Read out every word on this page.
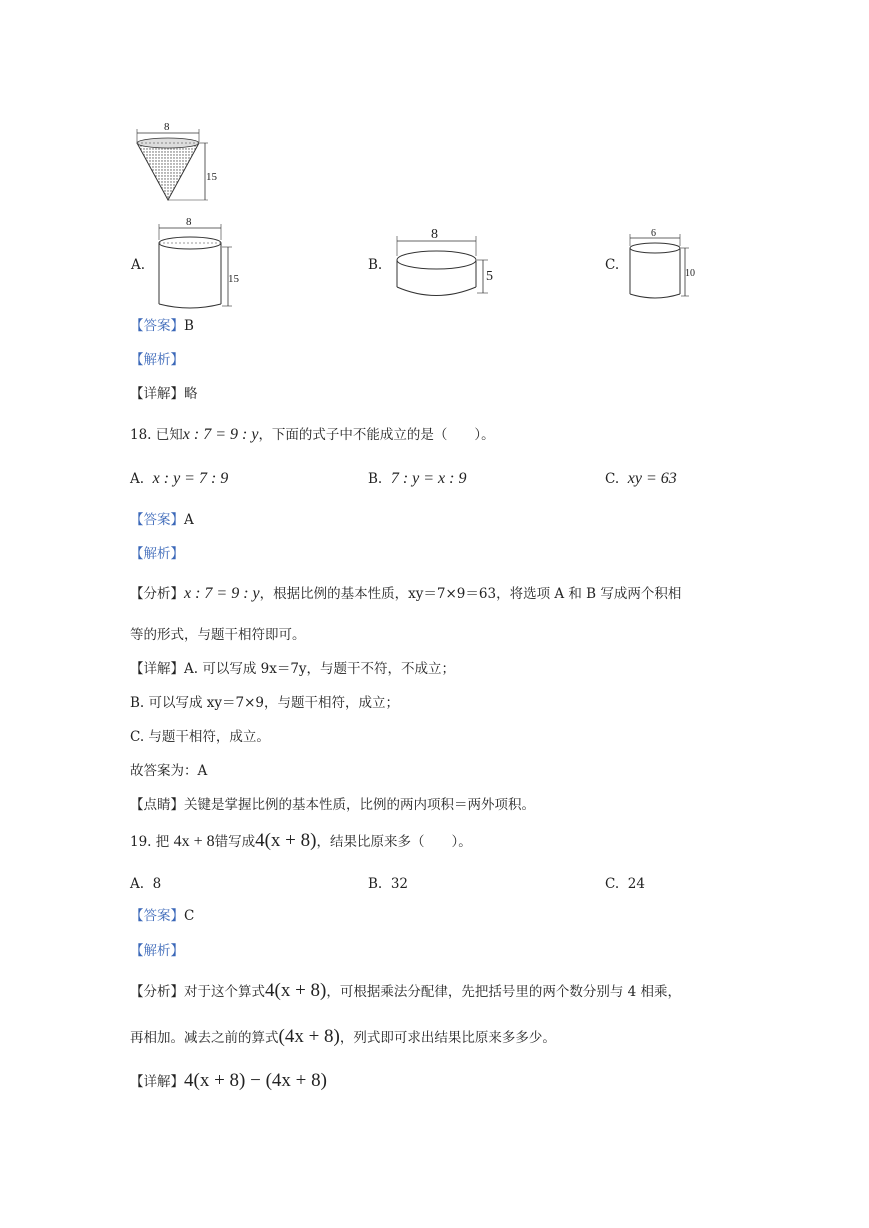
8
15
A.
8
15
B.
8
5
C.
6
10
【答案】B
【解析】
【详解】略
18. 已知x : 7 = 9 : y，下面的式子中不能成立的是（　　）。
A. x : y = 7 : 9	B. 7 : y = x : 9	C. xy = 63
【答案】A
【解析】
【分析】x : 7 = 9 : y，根据比例的基本性质，xy＝7×9＝63，将选项 A 和 B 写成两个积相
等的形式，与题干相符即可。
【详解】A. 可以写成 9x＝7y，与题干不符，不成立；
B. 可以写成 xy＝7×9，与题干相符，成立；
C. 与题干相符，成立。
故答案为：A
【点睛】关键是掌握比例的基本性质，比例的两内项积＝两外项积。
19. 把 4x + 8错写成4(x + 8)，结果比原来多（　　）。
A. 8	B. 32	C. 24
【答案】C
【解析】
【分析】对于这个算式4(x + 8)，可根据乘法分配律，先把括号里的两个数分别与 4 相乘，
再相加。减去之前的算式(4x + 8)，列式即可求出结果比原来多多少。
【详解】4(x + 8) − (4x + 8)
